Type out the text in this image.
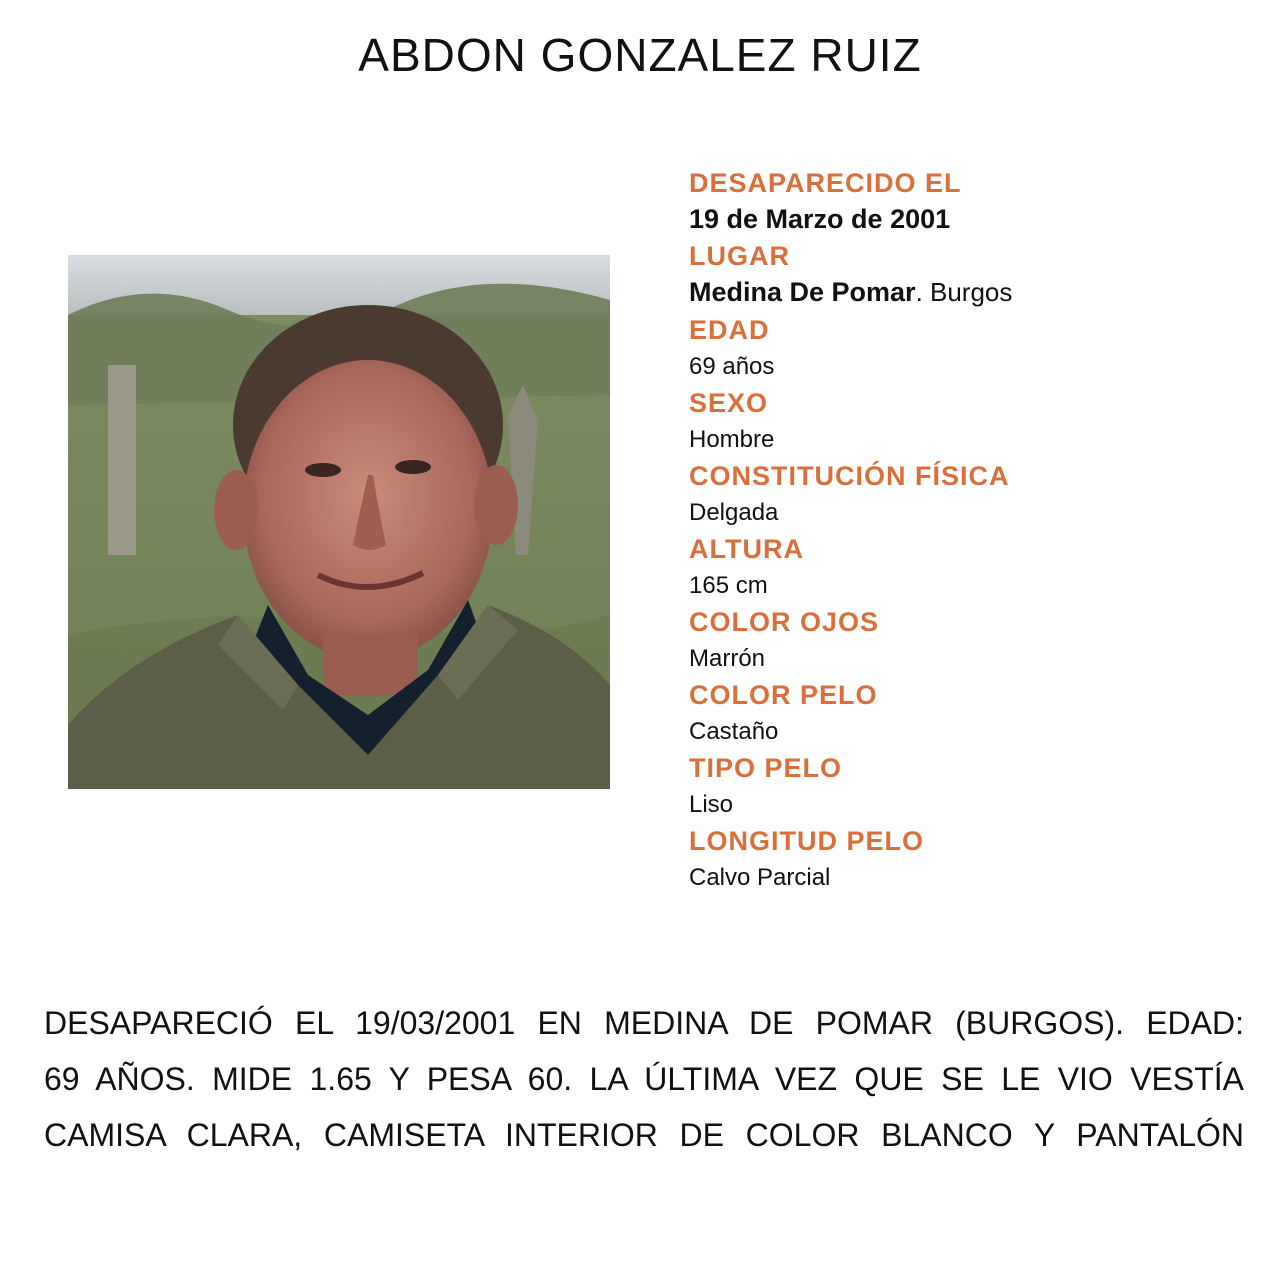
ABDON GONZALEZ RUIZ

DESAPARECIDO EL

19 de Marzo de 2001

LUGAR

Medina De Pomar. Burgos

EDAD

69 años

SEXO

Hombre

CONSTITUCIÓN FÍSICA

Delgada

ALTURA

165 cm

COLOR OJOS

Marrón

COLOR PELO

Castaño

TIPO PELO

Liso

LONGITUD PELO

Calvo Parcial

DESAPARECIÓ EL 19/03/2001 EN MEDINA DE POMAR (BURGOS). EDAD:
69 AÑOS. MIDE 1.65 Y PESA 60. LA ÚLTIMA VEZ QUE SE LE VIO VESTÍA
CAMISA CLARA, CAMISETA INTERIOR DE COLOR BLANCO Y PANTALÓN
